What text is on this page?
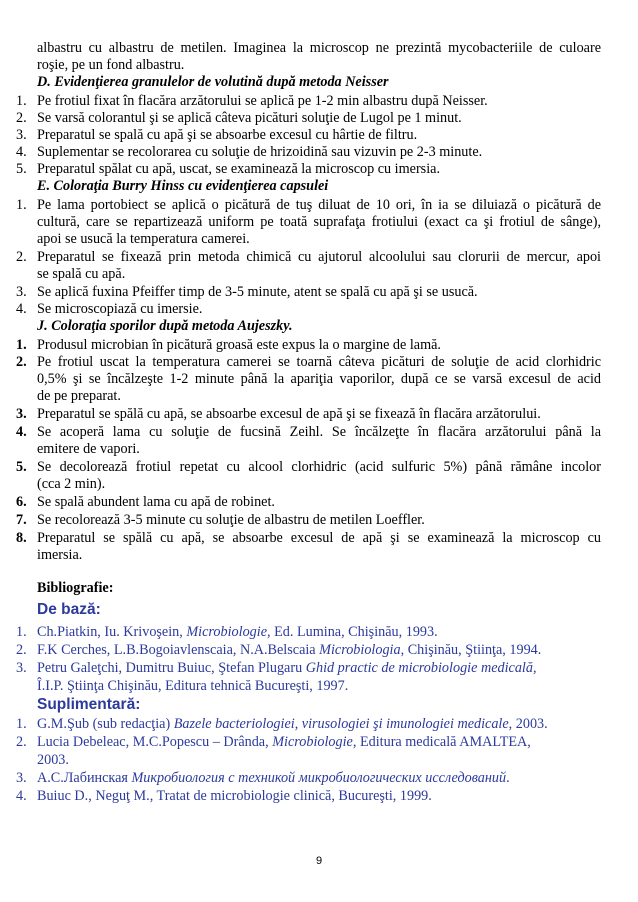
albastru cu albastru de metilen. Imaginea la microscop ne prezintă mycobacteriile de culoare
roşie, pe un fond albastru.
D. Evidenţierea granulelor de volutină după metoda Neisser
1. Pe frotiul fixat în flacăra arzătorului se aplică pe 1-2 min albastru după Neisser.
2. Se varsă colorantul şi se aplică câteva picături soluţie de Lugol pe 1 minut.
3. Preparatul se spală cu apă şi se absoarbe excesul cu hârtie de filtru.
4. Suplementar se recolorarea cu soluţie de hrizoidină sau vizuvin pe 2-3 minute.
5. Preparatul spălat cu apă, uscat, se examinează la microscop cu imersia.
E. Coloraţia Burry Hinss cu evidenţierea capsulei
1. Pe lama portobiect se aplică o picătură de tuş diluat de 10 ori, în ia se diluiază o picătură de
cultură, care se repartizează uniform pe toată suprafaţa frotiului (exact ca şi frotiul de sânge),
apoi se usucă la temperatura camerei.
2. Preparatul se fixează prin metoda chimică cu ajutorul alcoolului sau clorurii de mercur, apoi
se spală cu apă.
3. Se aplică fuxina Pfeiffer timp de 3-5 minute, atent se spală cu apă şi se usucă.
4. Se microscopiază cu imersie.
J. Coloraţia sporilor după metoda Aujeszky.
1. Produsul microbian în picătură groasă este expus la o margine de lamă.
2. Pe frotiul uscat la temperatura camerei se toarnă câteva picături de soluţie de acid clorhidric
0,5% şi se încălzeşte 1-2 minute până la apariţia vaporilor, după ce se varsă excesul de acid
de pe preparat.
3. Preparatul se spălă cu apă, se absoarbe excesul de apă şi se fixează în flacăra arzătorului.
4. Se acoperă lama cu soluţie de fucsină Zeihl. Se încălzeţte în flacăra arzătorului până la
emitere de vapori.
5. Se decolorează frotiul repetat cu alcool clorhidric (acid sulfuric 5%) până rămâne incolor
(cca 2 min).
6. Se spală abundent lama cu apă de robinet.
7. Se recolorează 3-5 minute cu soluţie de albastru de metilen Loeffler.
8. Preparatul se spălă cu apă, se absoarbe excesul de apă şi se examinează la microscop cu
imersia.
Bibliografie:
De bază:
1. Ch.Piatkin, Iu. Krivoşein, Microbiologie, Ed. Lumina, Chişinău, 1993.
2. F.K Cerches, L.B.Bogoiavlenscaia, N.A.Belscaia Microbiologia, Chişinău, Ştiinţa, 1994.
3. Petru Galeţchi, Dumitru Buiuc, Ştefan Plugaru Ghid practic de microbiologie medicală,
Î.I.P. Ştiinţa Chişinău, Editura tehnică Bucureşti, 1997.
Suplimentară:
1. G.M.Şub (sub redacţia) Bazele bacteriologiei, virusologiei şi imunologiei medicale, 2003.
2. Lucia Debeleac, M.C.Popescu – Drânda, Microbiologie, Editura medicală AMALTEA,
2003.
3. А.С.Лабинская Микробиология с техникой микробиологических исследований.
4. Buiuc D., Neguţ M., Tratat de microbiologie clinică, Bucureşti, 1999.
9
